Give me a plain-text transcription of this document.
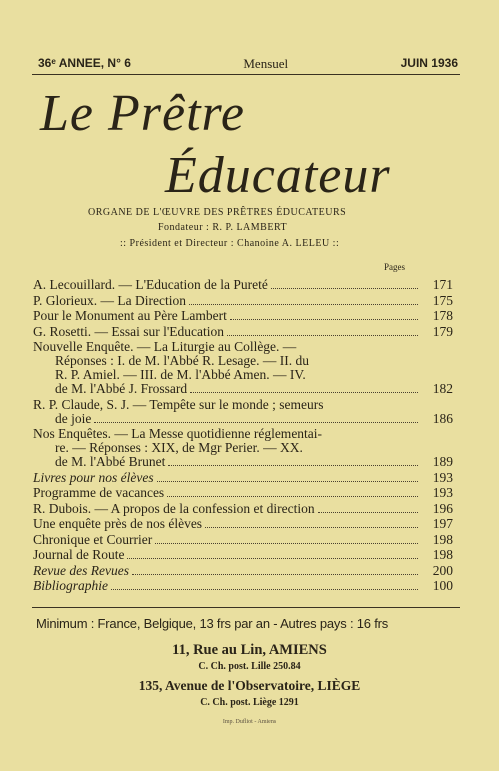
36ᵉ ANNEE, N° 6	Mensuel	JUIN 1936
Le Prêtre
Éducateur
ORGANE DE L'ŒUVRE DES PRÊTRES ÉDUCATEURS
Fondateur : R. P. LAMBERT
:: Président et Directeur : Chanoine A. LELEU ::
Pages
A. Lecouillard. — L'Education de la Pureté	171
P. Glorieux. — La Direction	175
Pour le Monument au Père Lambert	178
G. Rosetti. — Essai sur l'Education	179
Nouvelle Enquête. — La Liturgie au Collège. —
Réponses : I. de M. l'Abbé R. Lesage. — II. du
R. P. Amiel. — III. de M. l'Abbé Amen. — IV.
de M. l'Abbé J. Frossard	182
R. P. Claude, S. J. — Tempête sur le monde ; semeurs
de joie	186
Nos Enquêtes. — La Messe quotidienne réglementai-
re. — Réponses : XIX, de Mgr Perier. — XX.
de M. l'Abbé Brunet	189
Livres pour nos élèves	193
Programme de vacances	193
R. Dubois. — A propos de la confession et direction	196
Une enquête près de nos élèves	197
Chronique et Courrier	198
Journal de Route	198
Revue des Revues	200
Bibliographie	100
Minimum : France, Belgique, 13 frs par an - Autres pays : 16 frs
11, Rue au Lin, AMIENS
C. Ch. post. Lille 250.84
135, Avenue de l'Observatoire, LIÈGE
C. Ch. post. Liège 1291
Imp. Dufliot - Amiens
